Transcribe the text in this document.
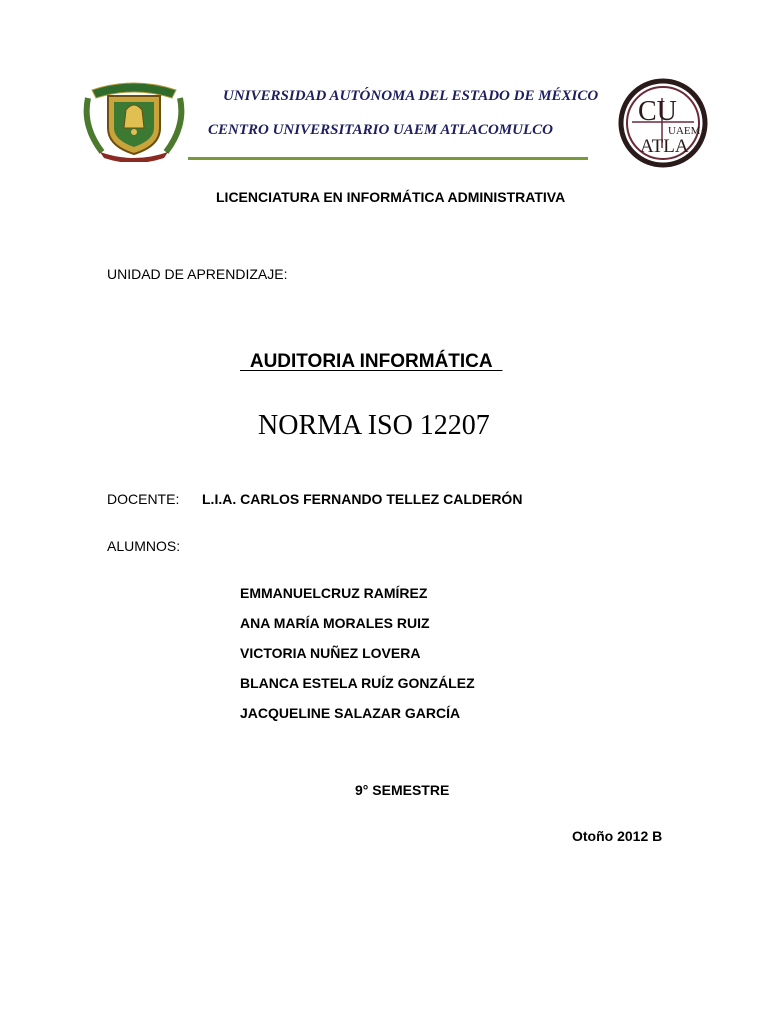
UNIVERSIDAD AUTÓNOMA DEL ESTADO DE MÉXICO
CENTRO UNIVERSITARIO UAEM ATLACOMULCO
CU
UAEM
ATLA
LICENCIATURA EN INFORMÁTICA ADMINISTRATIVA
UNIDAD DE APRENDIZAJE:
AUDITORIA INFORMÁTICA
NORMA ISO 12207
DOCENTE: L.I.A. CARLOS FERNANDO TELLEZ CALDERÓN
ALUMNOS:
EMMANUELCRUZ RAMÍREZ
ANA MARÍA MORALES RUIZ
VICTORIA NUÑEZ LOVERA
BLANCA ESTELA RUÍZ GONZÁLEZ
JACQUELINE SALAZAR GARCÍA
9° SEMESTRE
Otoño 2012 B
